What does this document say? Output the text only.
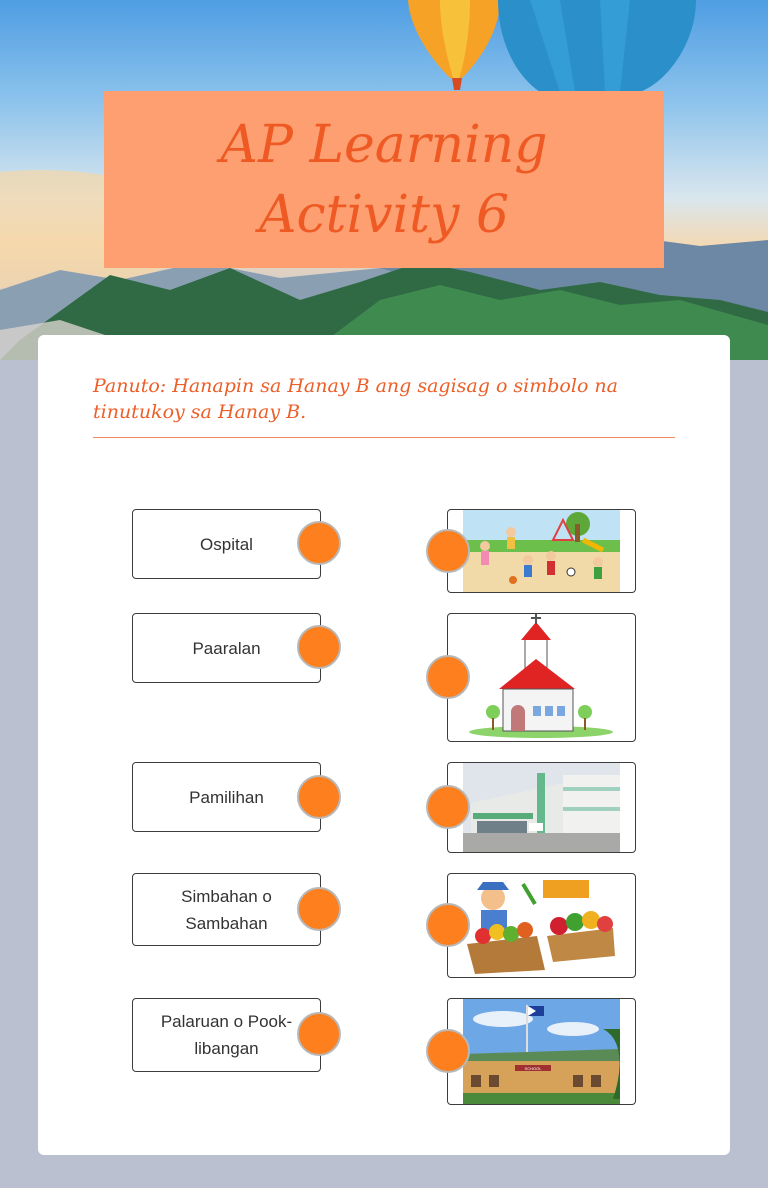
AP Learning Activity 6
Panuto: Hanapin sa Hanay B ang sagisag o simbolo na tinutukoy sa Hanay B.
Ospital
Paaralan
Pamilihan
Simbahan o Sambahan
Palaruan o Pook-libangan
SCHOOL
